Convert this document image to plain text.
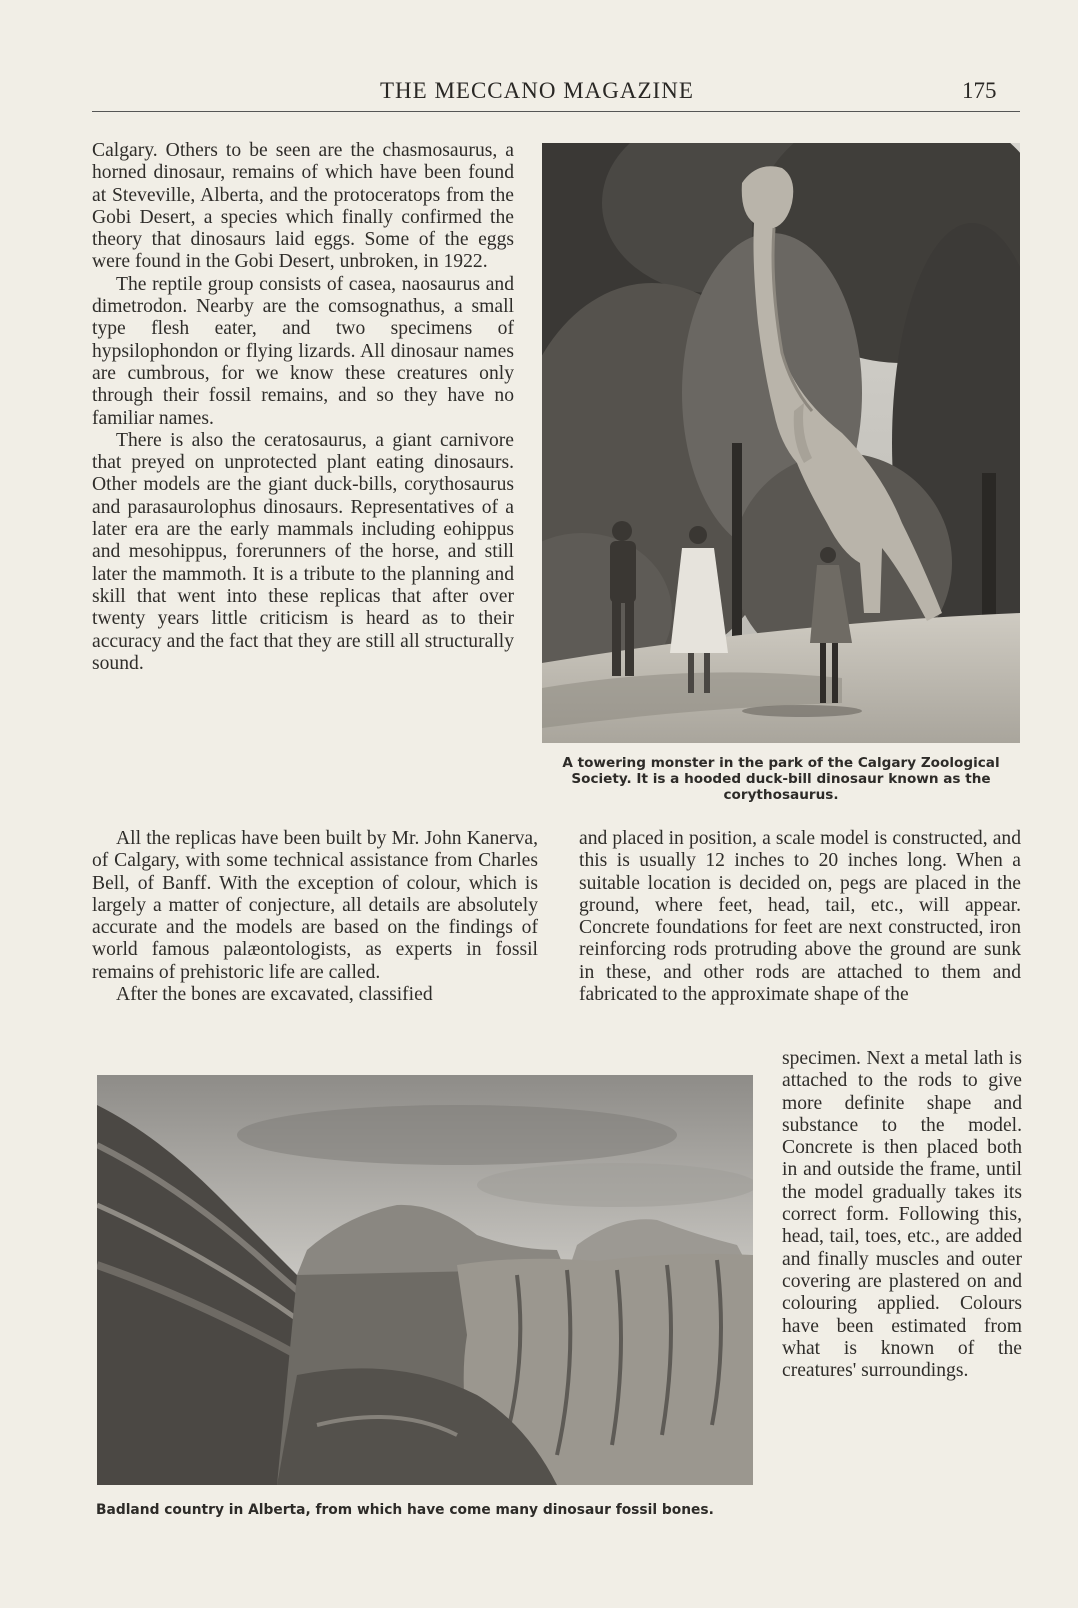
THE MECCANO MAGAZINE	175

Calgary. Others to be seen are the chasmosaurus, a horned dinosaur, remains of which have been found at Steveville, Alberta, and the protoceratops from the Gobi Desert, a species which finally confirmed the theory that dinosaurs laid eggs. Some of the eggs were found in the Gobi Desert, unbroken, in 1922.

The reptile group consists of casea, naosaurus and dimetrodon. Nearby are the comsognathus, a small type flesh eater, and two specimens of hypsilophondon or flying lizards. All dinosaur names are cumbrous, for we know these creatures only through their fossil remains, and so they have no familiar names.

There is also the ceratosaurus, a giant carnivore that preyed on unprotected plant eating dinosaurs. Other models are the giant duck-bills, corythosaurus and parasaurolophus dinosaurs. Representatives of a later era are the early mammals including eohippus and mesohippus, forerunners of the horse, and still later the mammoth. It is a tribute to the planning and skill that went into these replicas that after over twenty years little criticism is heard as to their accuracy and the fact that they are still all structurally sound.

A towering monster in the park of the Calgary Zoological Society. It is a hooded duck-bill dinosaur known as the corythosaurus.

All the replicas have been built by Mr. John Kanerva, of Calgary, with some technical assistance from Charles Bell, of Banff. With the exception of colour, which is largely a matter of conjecture, all details are absolutely accurate and the models are based on the findings of world famous palæontologists, as experts in fossil remains of prehistoric life are called.

After the bones are excavated, classified

and placed in position, a scale model is constructed, and this is usually 12 inches to 20 inches long. When a suitable location is decided on, pegs are placed in the ground, where feet, head, tail, etc., will appear. Concrete foundations for feet are next constructed, iron reinforcing rods protruding above the ground are sunk in these, and other rods are attached to them and fabricated to the approximate shape of the

Badland country in Alberta, from which have come many dinosaur fossil bones.

specimen. Next a metal lath is attached to the rods to give more definite shape and substance to the model. Concrete is then placed both in and outside the frame, until the model gradually takes its correct form. Following this, head, tail, toes, etc., are added and finally muscles and outer covering are plastered on and colouring applied. Colours have been estimated from what is known of the creatures' surroundings.
